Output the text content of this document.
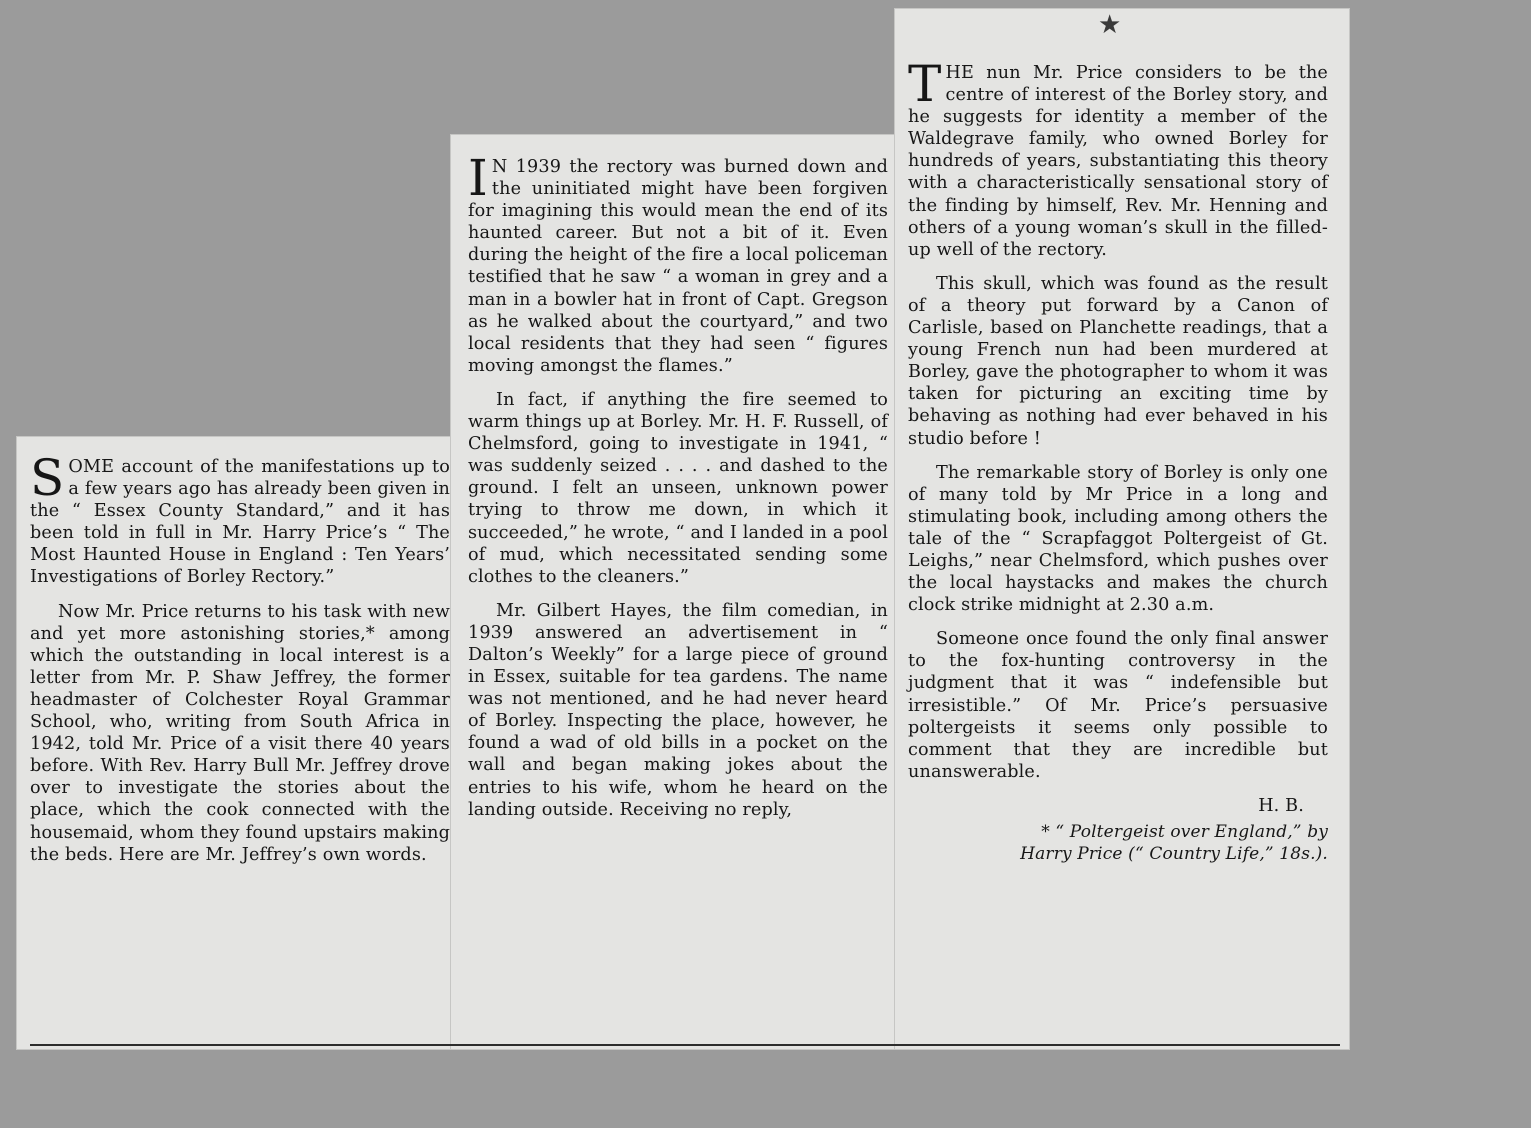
★

SOME account of the manifestations up to a few years ago has already been given in the “ Essex County Standard,” and it has been told in full in Mr. Harry Price’s “ The Most Haunted House in England : Ten Years’ Investigations of Borley Rectory.”

Now Mr. Price returns to his task with new and yet more astonishing stories,* among which the outstanding in local interest is a letter from Mr. P. Shaw Jeffrey, the former headmaster of Colchester Royal Grammar School, who, writing from South Africa in 1942, told Mr. Price of a visit there 40 years before. With Rev. Harry Bull Mr. Jeffrey drove over to investigate the stories about the place, which the cook connected with the housemaid, whom they found upstairs making the beds. Here are Mr. Jeffrey’s own words.

IN 1939 the rectory was burned down and the uninitiated might have been forgiven for imagining this would mean the end of its haunted career. But not a bit of it. Even during the height of the fire a local policeman testified that he saw “ a woman in grey and a man in a bowler hat in front of Capt. Gregson as he walked about the courtyard,” and two local residents that they had seen “ figures moving amongst the flames.”

In fact, if anything the fire seemed to warm things up at Borley. Mr. H. F. Russell, of Chelmsford, going to investigate in 1941, “ was suddenly seized . . . . and dashed to the ground. I felt an unseen, unknown power trying to throw me down, in which it succeeded,” he wrote, “ and I landed in a pool of mud, which necessitated sending some clothes to the cleaners.”

Mr. Gilbert Hayes, the film comedian, in 1939 answered an advertisement in “ Dalton’s Weekly” for a large piece of ground in Essex, suitable for tea gardens. The name was not mentioned, and he had never heard of Borley. Inspecting the place, however, he found a wad of old bills in a pocket on the wall and began making jokes about the entries to his wife, whom he heard on the landing outside. Receiving no reply,

THE nun Mr. Price considers to be the centre of interest of the Borley story, and he suggests for identity a member of the Waldegrave family, who owned Borley for hundreds of years, substantiating this theory with a characteristically sensational story of the finding by himself, Rev. Mr. Henning and others of a young woman’s skull in the filled-up well of the rectory.

This skull, which was found as the result of a theory put forward by a Canon of Carlisle, based on Planchette readings, that a young French nun had been murdered at Borley, gave the photographer to whom it was taken for picturing an exciting time by behaving as nothing had ever behaved in his studio before !

The remarkable story of Borley is only one of many told by Mr Price in a long and stimulating book, including among others the tale of the “ Scrapfaggot Poltergeist of Gt. Leighs,” near Chelmsford, which pushes over the local haystacks and makes the church clock strike midnight at 2.30 a.m.

Someone once found the only final answer to the fox-hunting controversy in the judgment that it was “ indefensible but irresistible.” Of Mr. Price’s persuasive poltergeists it seems only possible to comment that they are incredible but unanswerable.

H. B.

* “ Poltergeist over England,” by
Harry Price (“ Country Life,” 18s.).
